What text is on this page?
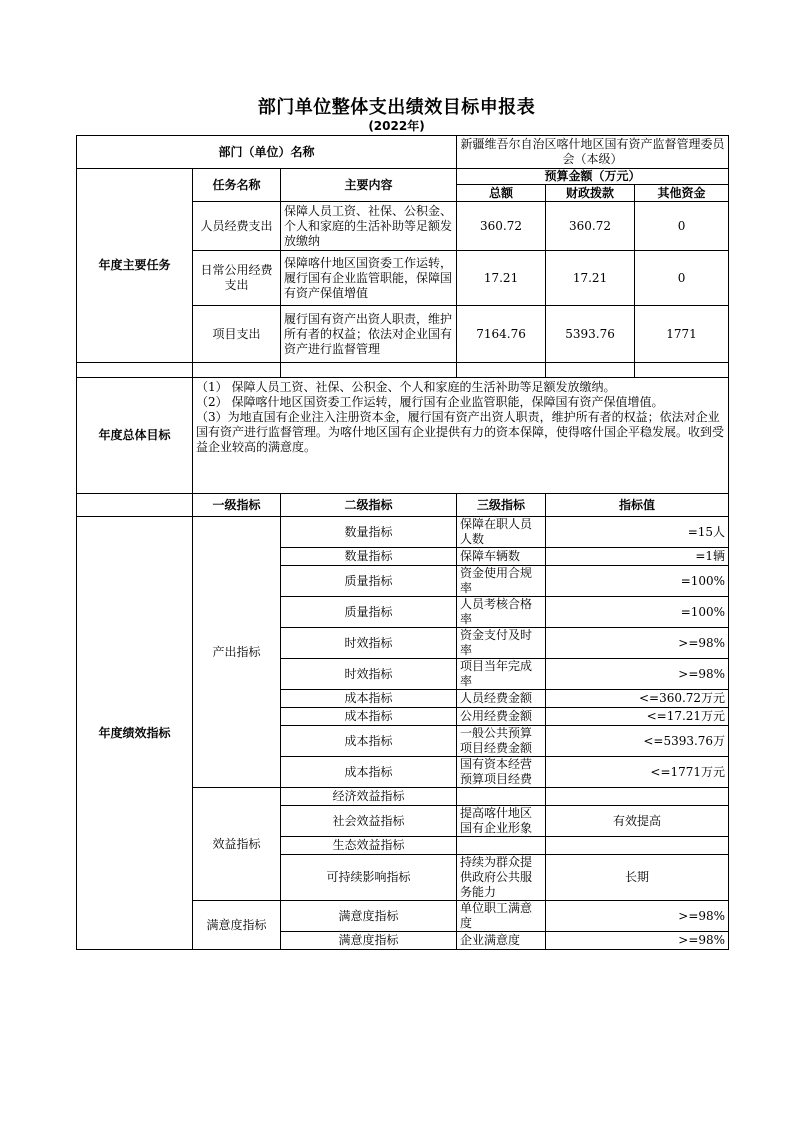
部门单位整体支出绩效目标申报表
(2022年)
部门（单位）名称			新疆维吾尔自治区喀什地区国有资产监督管理委员会（本级）		
年度主要任务	任务名称	主要内容	预算金额（万元）		
			总额	财政拨款	其他资金
	人员经费支出	保障人员工资、社保、公积金、个人和家庭的生活补助等足额发放缴纳	360.72	360.72	0
	日常公用经费支出	保障喀什地区国资委工作运转，履行国有企业监管职能，保障国有资产保值增值	17.21	17.21	0
	项目支出	履行国有资产出资人职责，维护所有者的权益；依法对企业国有资产进行监督管理	7164.76	5393.76	1771

年度总体目标	（1） 保障人员工资、社保、公积金、个人和家庭的生活补助等足额发放缴纳。
（2） 保障喀什地区国资委工作运转，履行国有企业监管职能，保障国有资产保值增值。
（3）为地直国有企业注入注册资本金，履行国有资产出资人职责，维护所有者的权益；依法对企业国有资产进行监督管理。为喀什地区国有企业提供有力的资本保障，使得喀什国企平稳发展。收到受益企业较高的满意度。				

	一级指标	二级指标	三级指标	指标值	
年度绩效指标	产出指标	数量指标	保障在职人员人数	=15人	
		数量指标	保障车辆数	=1辆	
		质量指标	资金使用合规率	=100%	
		质量指标	人员考核合格率	=100%	
		时效指标	资金支付及时率	>=98%	
		时效指标	项目当年完成率	>=98%	
		成本指标	人员经费金额	<=360.72万元	
		成本指标	公用经费金额	<=17.21万元	
		成本指标	一般公共预算项目经费金额	<=5393.76万	
		成本指标	国有资本经营预算项目经费	<=1771万元	
	效益指标	经济效益指标			
		社会效益指标	提高喀什地区国有企业形象	有效提高	
		生态效益指标			
		可持续影响指标	持续为群众提供政府公共服务能力	长期	
	满意度指标	满意度指标	单位职工满意度	>=98%	
		满意度指标	企业满意度	>=98%	
